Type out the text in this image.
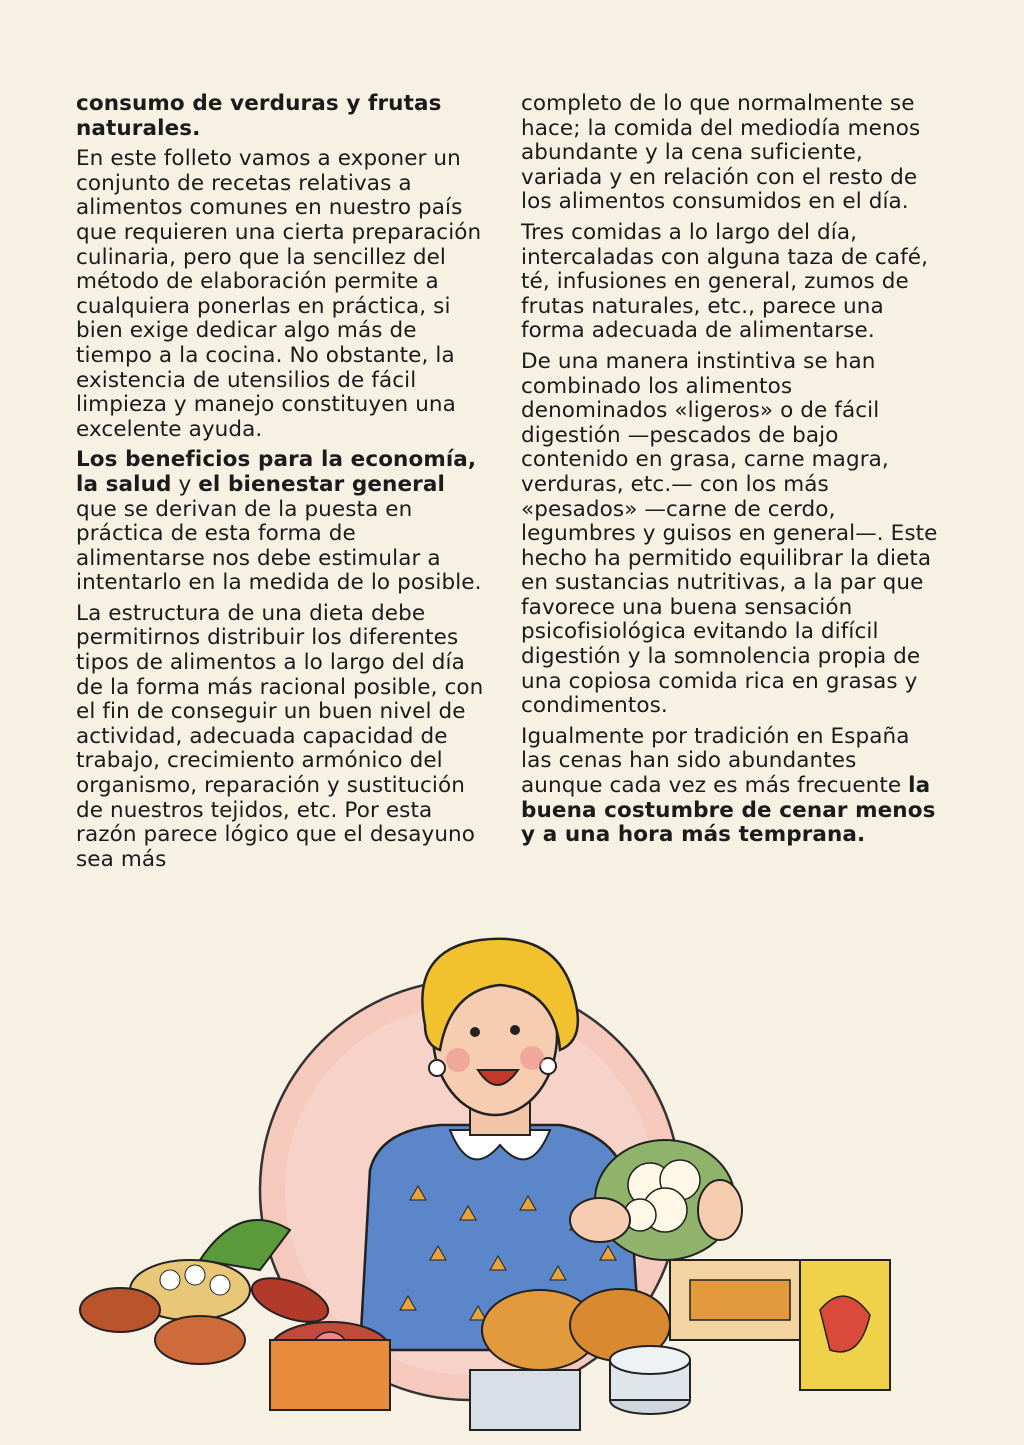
consumo de verduras y frutas naturales.

En este folleto vamos a exponer un conjunto de recetas relativas a alimentos comunes en nuestro país que requieren una cierta preparación culinaria, pero que la sencillez del método de elaboración permite a cualquiera ponerlas en práctica, si bien exige dedicar algo más de tiempo a la cocina. No obstante, la existencia de utensilios de fácil limpieza y manejo constituyen una excelente ayuda.

Los beneficios para la economía, la salud y el bienestar general que se derivan de la puesta en práctica de esta forma de alimentarse nos debe estimular a intentarlo en la medida de lo posible.

La estructura de una dieta debe permitirnos distribuir los diferentes tipos de alimentos a lo largo del día de la forma más racional posible, con el fin de conseguir un buen nivel de actividad, adecuada capacidad de trabajo, crecimiento armónico del organismo, reparación y sustitución de nuestros tejidos, etc. Por esta razón parece lógico que el desayuno sea más

completo de lo que normalmente se hace; la comida del mediodía menos abundante y la cena suficiente, variada y en relación con el resto de los alimentos consumidos en el día.

Tres comidas a lo largo del día, intercaladas con alguna taza de café, té, infusiones en general, zumos de frutas naturales, etc., parece una forma adecuada de alimentarse.

De una manera instintiva se han combinado los alimentos denominados «ligeros» o de fácil digestión —pescados de bajo contenido en grasa, carne magra, verduras, etc.— con los más «pesados» —carne de cerdo, legumbres y guisos en general—. Este hecho ha permitido equilibrar la dieta en sustancias nutritivas, a la par que favorece una buena sensación psicofisiológica evitando la difícil digestión y la somnolencia propia de una copiosa comida rica en grasas y condimentos.

Igualmente por tradición en España las cenas han sido abundantes aunque cada vez es más frecuente la buena costumbre de cenar menos y a una hora más temprana.
